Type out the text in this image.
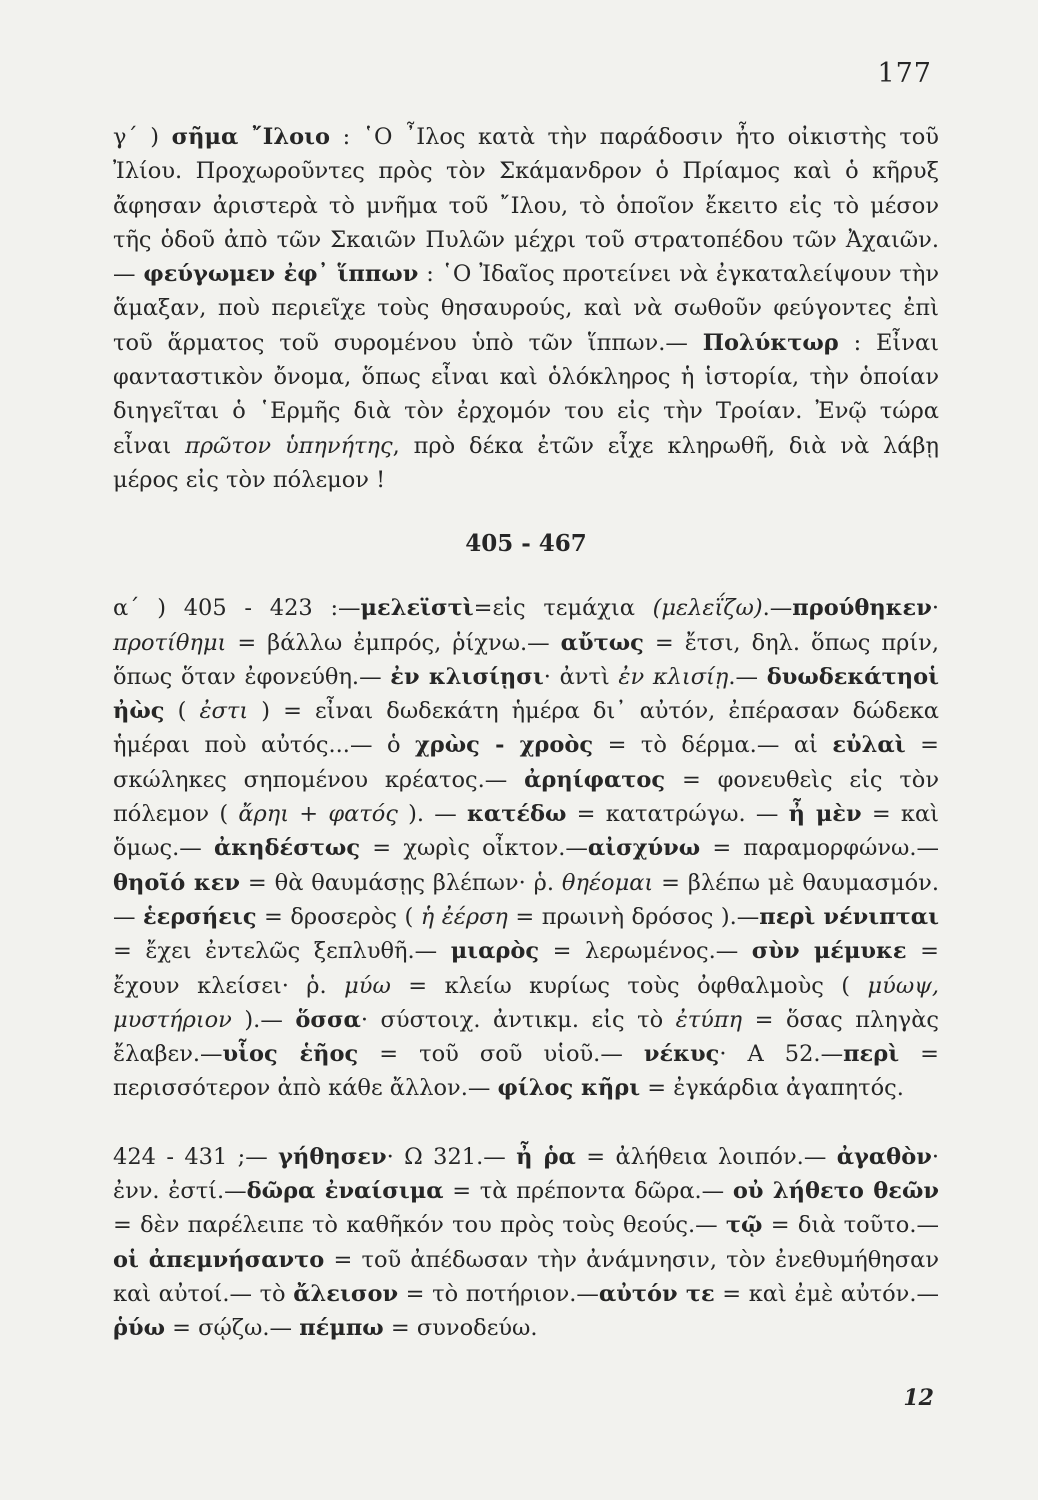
177

γ΄ ) σῆμα ῎Ιλοιο : ῾Ο ῏Ιλος κατὰ τὴν παράδοσιν ἦτο οἰκιστὴς τοῦ Ἰλίου. Προχωροῦντες πρὸς τὸν Σκάμανδρον ὁ Πρίαμος καὶ ὁ κῆρυξ ἄφησαν ἀριστερὰ τὸ μνῆμα τοῦ ῎Ιλου, τὸ ὁποῖον ἔκειτο εἰς τὸ μέσον τῆς ὁδοῦ ἀπὸ τῶν Σκαιῶν Πυλῶν μέχρι τοῦ στρατοπέδου τῶν Ἀχαιῶν.— φεύγωμεν ἐφ᾽ ἵππων : ῾Ο Ἰδαῖος προτείνει νὰ ἐγκαταλείψουν τὴν ἅμαξαν, ποὺ περιεῖχε τοὺς θησαυρούς, καὶ νὰ σωθοῦν φεύγοντες ἐπὶ τοῦ ἅρματος τοῦ συρομένου ὑπὸ τῶν ἵππων.— Πολύκτωρ : Εἶναι φανταστικὸν ὄνομα, ὅπως εἶναι καὶ ὁλόκληρος ἡ ἱστορία, τὴν ὁποίαν διηγεῖται ὁ ῾Ερμῆς διὰ τὸν ἐρχομόν του εἰς τὴν Τροίαν. Ἐνῷ τώρα εἶναι πρῶτον ὑπηνήτης, πρὸ δέκα ἐτῶν εἶχε κληρωθῆ, διὰ νὰ λάβῃ μέρος εἰς τὸν πόλεμον !

405 - 467

α΄ ) 405 - 423 :—μελεϊστὶ=εἰς τεμάχια (μελεΐζω).—προύθηκεν· προτίθημι = βάλλω ἐμπρός, ῥίχνω.— αὔτως = ἔτσι, δηλ. ὅπως πρίν, ὅπως ὅταν ἐφονεύθη.— ἐν κλισίῃσι· ἀντὶ ἐν κλισίῃ.— δυωδεκάτηοἱ ἠὼς ( ἐστι ) = εἶναι δωδεκάτη ἡμέρα δι᾽ αὐτόν, ἐπέρασαν δώδεκα ἡμέραι ποὺ αὐτός...— ὁ χρὼς - χροὸς = τὸ δέρμα.— αἱ εὐλαὶ = σκώληκες σηπομένου κρέατος.— ἀρηίφατος = φονευθεὶς εἰς τὸν πόλεμον ( ἄρηι + φατός ). — κατέδω = κατατρώγω. — ἦ μὲν = καὶ ὅμως.— ἀκηδέστως = χωρὶς οἶκτον.—αἰσχύνω = παραμορφώνω.—θηοῖό κεν = θὰ θαυμάσῃς βλέπων· ῥ. θηέομαι = βλέπω μὲ θαυμασμόν.— ἑερσήεις = δροσερὸς ( ἡ ἐέρση = πρωινὴ δρόσος ).—περὶ νένιπται = ἔχει ἐντελῶς ξεπλυθῆ.— μιαρὸς = λερωμένος.— σὺν μέμυκε = ἔχουν κλείσει· ῥ. μύω = κλείω κυρίως τοὺς ὀφθαλμοὺς ( μύωψ, μυστήριον ).— ὅσσα· σύστοιχ. ἀντικμ. εἰς τὸ ἐτύπη = ὅσας πληγὰς ἔλαβεν.—υἷος ἑῆος = τοῦ σοῦ υἱοῦ.— νέκυς· Α 52.—περὶ = περισσότερον ἀπὸ κάθε ἄλλον.— φίλος κῆρι = ἐγκάρδια ἀγαπητός.

424 - 431 ;— γήθησεν· Ω 321.— ἦ ῥα = ἀλήθεια λοιπόν.— ἀγαθὸν· ἐνν. ἐστί.—δῶρα ἐναίσιμα = τὰ πρέποντα δῶρα.— οὐ λήθετο θεῶν = δὲν παρέλειπε τὸ καθῆκόν του πρὸς τοὺς θεούς.— τῷ = διὰ τοῦτο.— οἱ ἀπεμνήσαντο = τοῦ ἀπέδωσαν τὴν ἀνάμνησιν, τὸν ἐνεθυμήθησαν καὶ αὐτοί.— τὸ ἄλεισον = τὸ ποτήριον.—αὐτόν τε = καὶ ἐμὲ αὐτόν.— ῥύω = σῴζω.— πέμπω = συνοδεύω.

12
